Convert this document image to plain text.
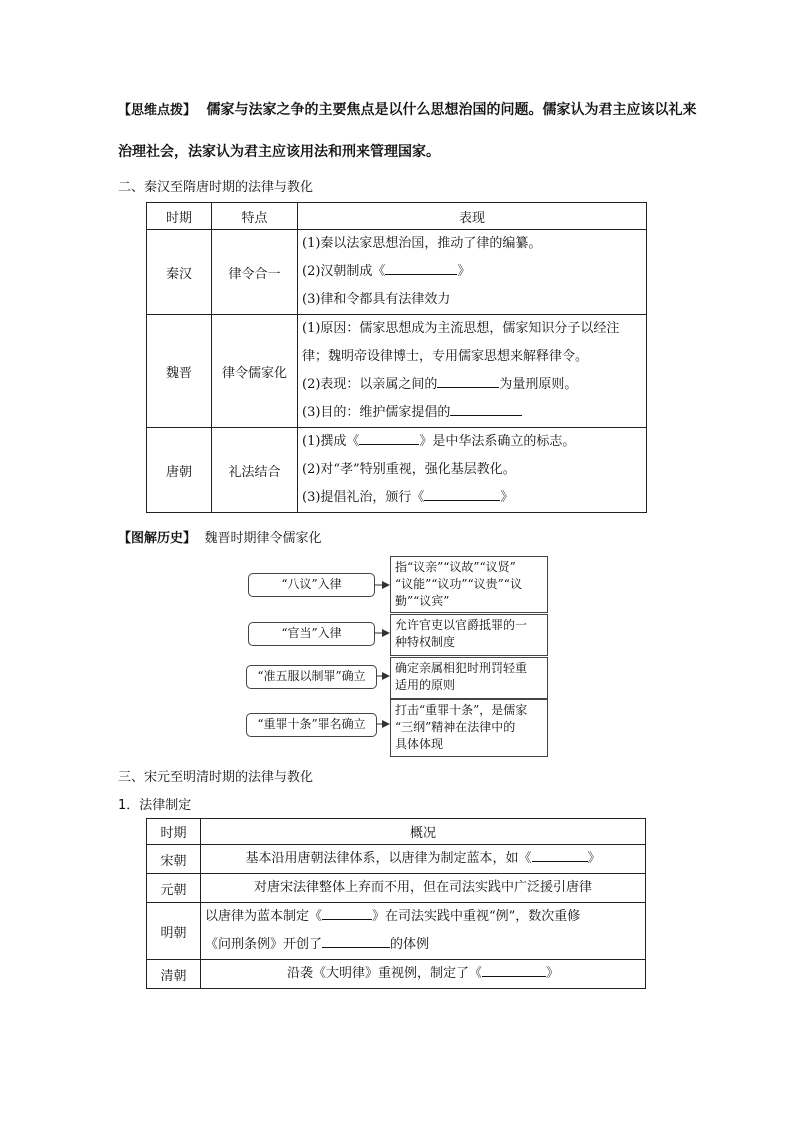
【思维点拨】 儒家与法家之争的主要焦点是以什么思想治国的问题。儒家认为君主应该以礼来
治理社会，法家认为君主应该用法和刑来管理国家。
二、秦汉至隋唐时期的法律与教化
时期	特点	表现
秦汉	律令合一	(1)秦以法家思想治国，推动了律的编纂。
(2)汉朝制成《 》
(3)律和令都具有法律效力

魏晋	律令儒家化	(1)原因：儒家思想成为主流思想，儒家知识分子以经注
律；魏明帝设律博士，专用儒家思想来解释律令。
(2)表现：以亲属之间的 为量刑原则。
(3)目的：维护儒家提倡的

唐朝	礼法结合	(1)撰成《 》是中华法系确立的标志。
(2)对“孝”特别重视，强化基层教化。
(3)提倡礼治，颁行《 》
【图解历史】 魏晋时期律令儒家化
“八议”入律
指“议亲”“议故”“议贤”
“议能”“议功”“议贵”“议
勤”“议宾”
“官当”入律
允许官吏以官爵抵罪的一
种特权制度
“准五服以制罪”确立
确定亲属相犯时刑罚轻重
适用的原则
“重罪十条”罪名确立
打击“重罪十条”，是儒家
“三纲”精神在法律中的
具体体现
三、宋元至明清时期的法律与教化
1．法律制定
时期	概况
宋朝	基本沿用唐朝法律体系，以唐律为制定蓝本，如《 》

元朝	对唐宋法律整体上弃而不用，但在司法实践中广泛援引唐律

明朝	以唐律为蓝本制定《 》在司法实践中重视“例”，数次重修
《问刑条例》开创了 的体例

清朝	沿袭《大明律》重视例，制定了《 》
